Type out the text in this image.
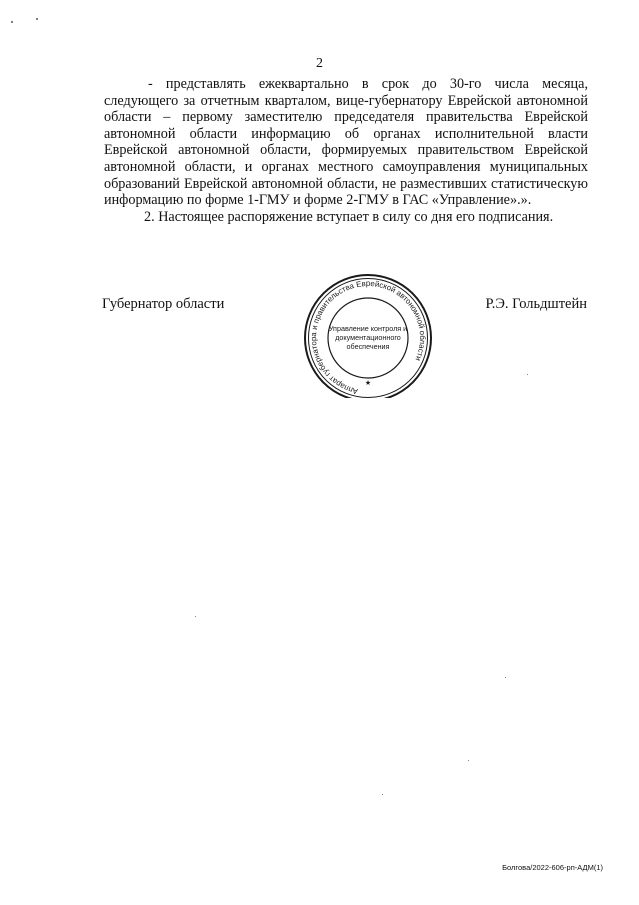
2

- представлять ежеквартально в срок до 30-го числа месяца, следующего за отчетным кварталом, вице-губернатору Еврейской автономной области – первому заместителю председателя правительства Еврейской автономной области информацию об органах исполнительной власти Еврейской автономной области, формируемых правительством Еврейской автономной области, и органах местного самоуправления муниципальных образований Еврейской автономной области, не разместивших статистическую информацию по форме 1-ГМУ и форме 2-ГМУ в ГАС «Управление».».

2. Настоящее распоряжение вступает в силу со дня его подписания.

Губернатор области	Р.Э. Гольдштейн
Аппарат губернатора и правительства Еврейской автономной области
Управление контроля и
документационного
обеспечения
★
Болгова/2022-606-рп-АДМ(1)
